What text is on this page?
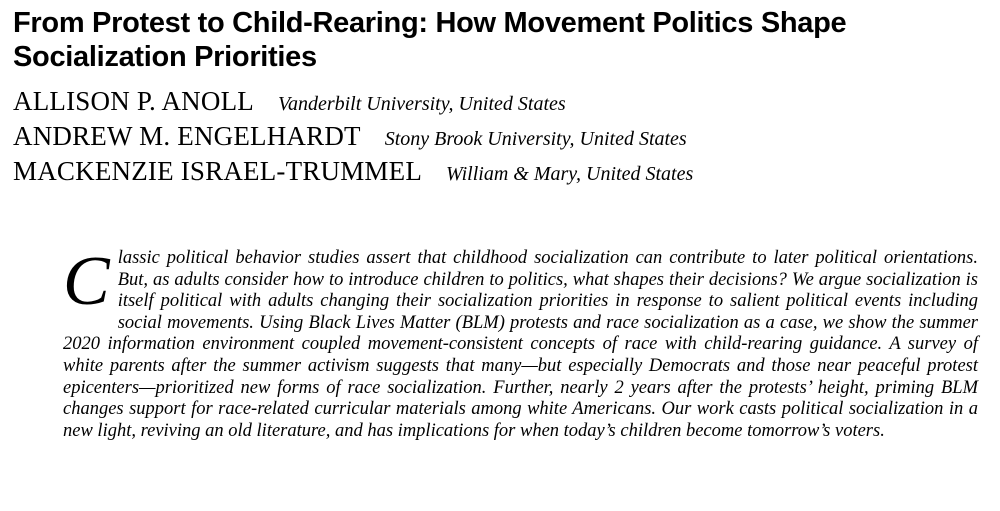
From Protest to Child-Rearing: How Movement Politics Shape Socialization Priorities
ALLISON P. ANOLL Vanderbilt University, United States
ANDREW M. ENGELHARDT Stony Brook University, United States
MACKENZIE ISRAEL-TRUMMEL William & Mary, United States

Classic political behavior studies assert that childhood socialization can contribute to later political orientations. But, as adults consider how to introduce children to politics, what shapes their decisions? We argue socialization is itself political with adults changing their socialization priorities in response to salient political events including social movements. Using Black Lives Matter (BLM) protests and race socialization as a case, we show the summer 2020 information environment coupled movement-consistent concepts of race with child-rearing guidance. A survey of white parents after the summer activism suggests that many—but especially Democrats and those near peaceful protest epicenters—prioritized new forms of race socialization. Further, nearly 2 years after the protests’ height, priming BLM changes support for race-related curricular materials among white Americans. Our work casts political socialization in a new light, reviving an old literature, and has implications for when today’s children become tomorrow’s voters.
